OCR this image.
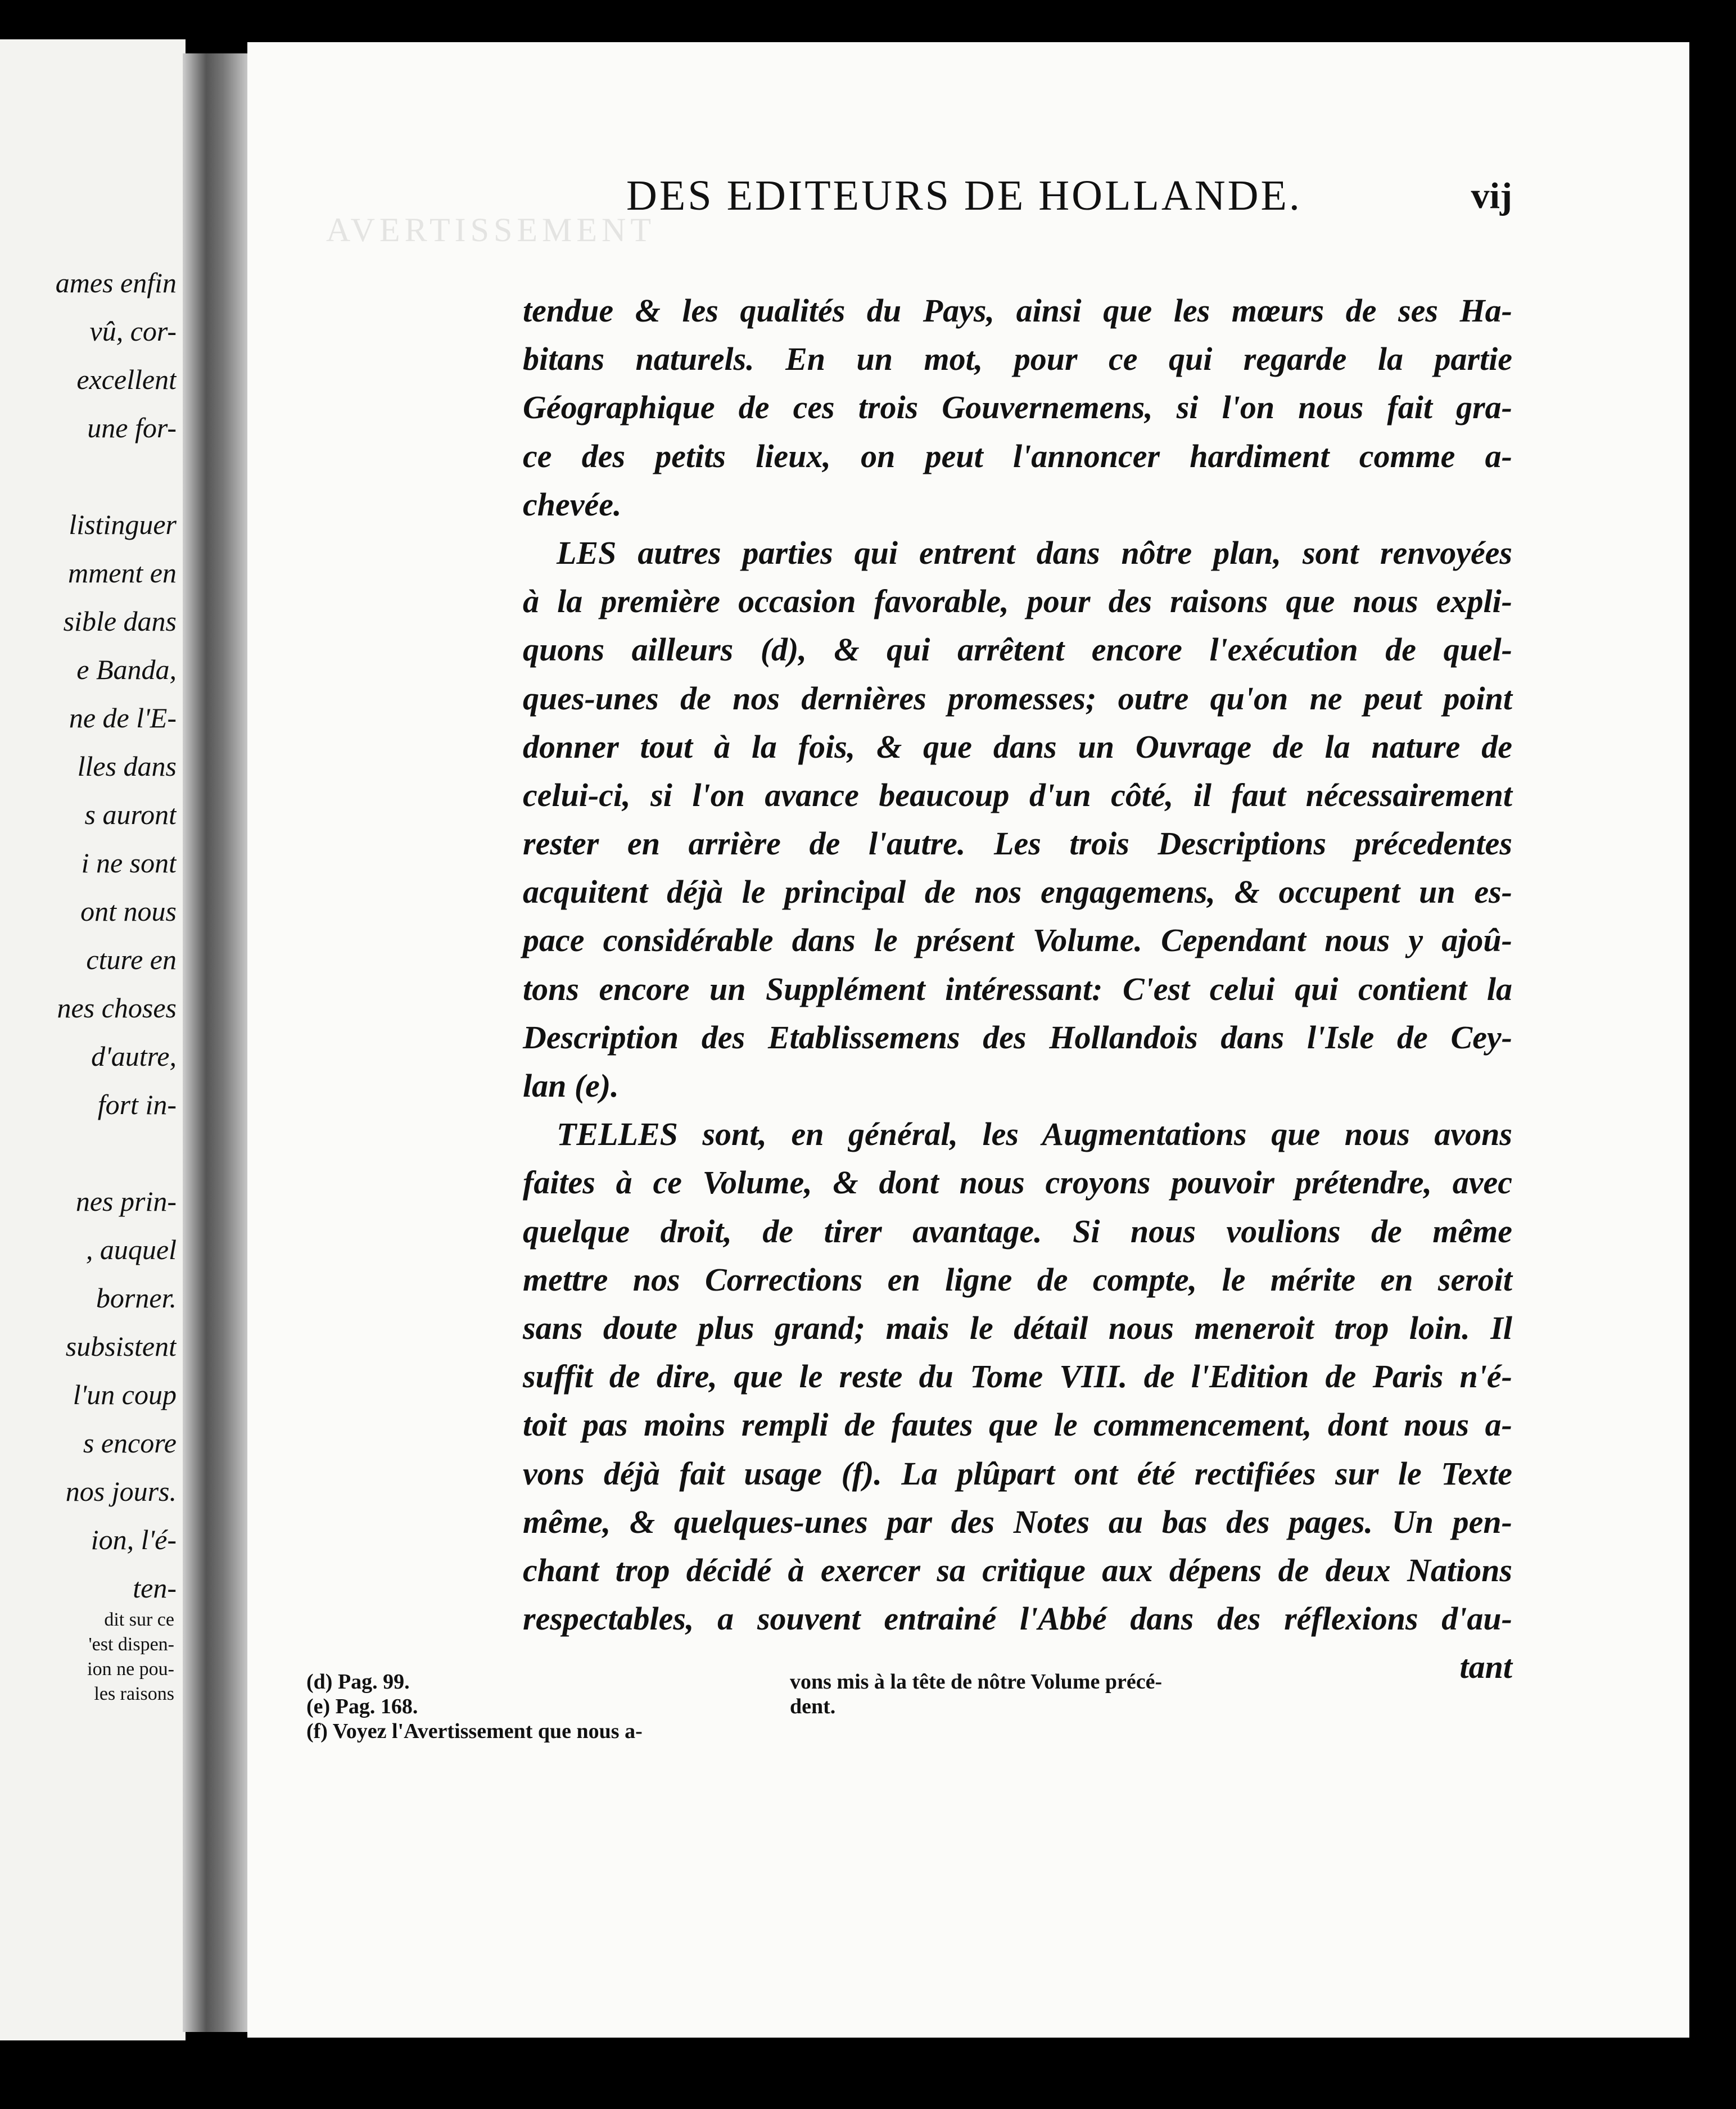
ames enfin
vû, cor-
excellent
une for-
listinguer
mment en
sible dans
e Banda,
ne de l'E-
lles dans
s auront
i ne sont
ont nous
cture en
nes choses
d'autre,
fort in-
nes prin-
, auquel
borner.
subsistent
l'un coup
s encore
nos jours.
ion, l'é-
ten-
dit sur ce
'est dispen-
ion ne pou-
les raisons
AVERTISSEMENT
DES EDITEURS DE HOLLANDE.	vij
tendue & les qualités du Pays, ainsi que les mœurs de ses Ha-
bitans naturels. En un mot, pour ce qui regarde la partie
Géographique de ces trois Gouvernemens, si l'on nous fait gra-
ce des petits lieux, on peut l'annoncer hardiment comme a-
chevée.
LES autres parties qui entrent dans nôtre plan, sont renvoyées
à la première occasion favorable, pour des raisons que nous expli-
quons ailleurs (d), & qui arrêtent encore l'exécution de quel-
ques-unes de nos dernières promesses; outre qu'on ne peut point
donner tout à la fois, & que dans un Ouvrage de la nature de
celui-ci, si l'on avance beaucoup d'un côté, il faut nécessairement
rester en arrière de l'autre. Les trois Descriptions précedentes
acquitent déjà le principal de nos engagemens, & occupent un es-
pace considérable dans le présent Volume. Cependant nous y ajoû-
tons encore un Supplément intéressant: C'est celui qui contient la
Description des Etablissemens des Hollandois dans l'Isle de Cey-
lan (e).
TELLES sont, en général, les Augmentations que nous avons
faites à ce Volume, & dont nous croyons pouvoir prétendre, avec
quelque droit, de tirer avantage. Si nous voulions de même
mettre nos Corrections en ligne de compte, le mérite en seroit
sans doute plus grand; mais le détail nous meneroit trop loin. Il
suffit de dire, que le reste du Tome VIII. de l'Edition de Paris n'é-
toit pas moins rempli de fautes que le commencement, dont nous a-
vons déjà fait usage (f). La plûpart ont été rectifiées sur le Texte
même, & quelques-unes par des Notes au bas des pages. Un pen-
chant trop décidé à exercer sa critique aux dépens de deux Nations
respectables, a souvent entrainé l'Abbé dans des réflexions d'au-
tant
(d) Pag. 99.
(e) Pag. 168.
(f) Voyez l'Avertissement que nous a-
vons mis à la tête de nôtre Volume précé-
dent.
